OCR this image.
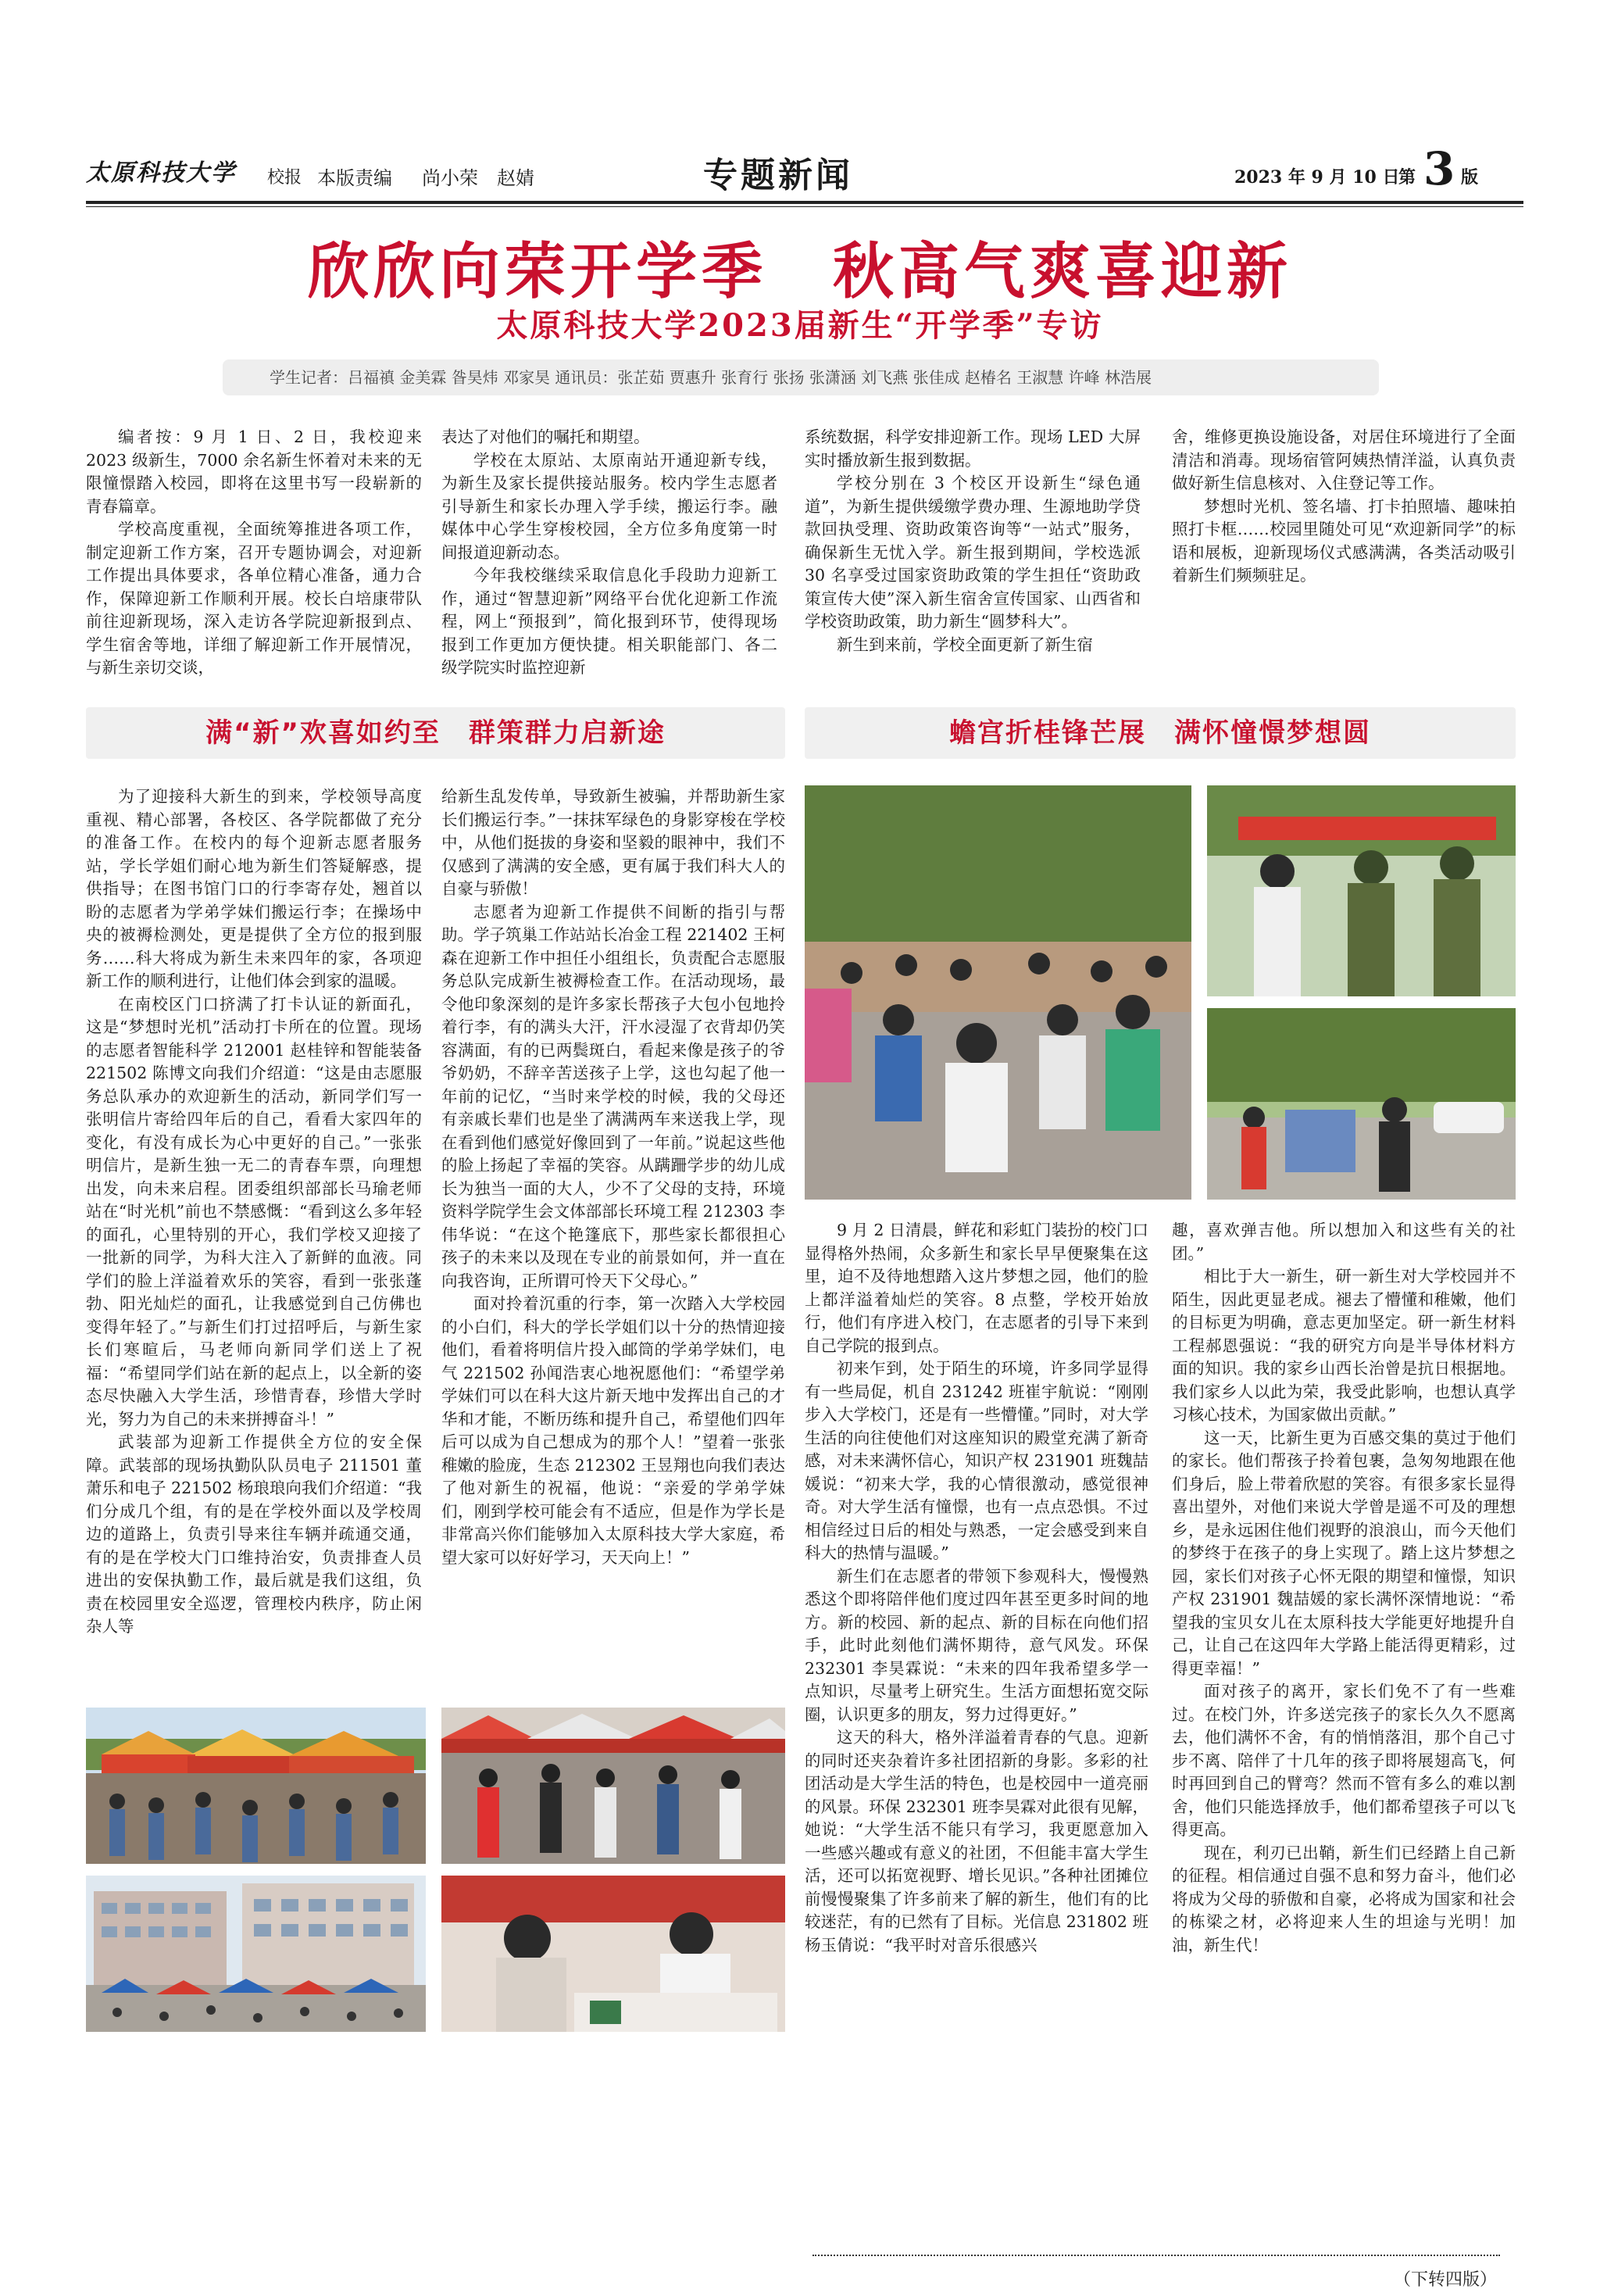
太原科技大学 校报 本版责编 尚小荣　赵婧	专题新闻	2023 年 9 月 10 日
第 3 版
欣欣向荣开学季　秋高气爽喜迎新
太原科技大学2023届新生“开学季”专访
学生记者：吕福禛 金美霖 昝昊炜 邓家昊 通讯员：张芷茹 贾惠升 张育行 张扬 张潇涵 刘飞燕 张佳成 赵椿名 王淑慧 许峰 林浩展

编者按：9 月 1 日、2 日，我校迎来 2023 级新生，7000 余名新生怀着对未来的无限憧憬踏入校园，即将在这里书写一段崭新的青春篇章。

学校高度重视，全面统筹推进各项工作，制定迎新工作方案，召开专题协调会，对迎新工作提出具体要求，各单位精心准备，通力合作，保障迎新工作顺利开展。校长白培康带队前往迎新现场，深入走访各学院迎新报到点、学生宿舍等地，详细了解迎新工作开展情况，与新生亲切交谈，

表达了对他们的嘱托和期望。

学校在太原站、太原南站开通迎新专线，为新生及家长提供接站服务。校内学生志愿者引导新生和家长办理入学手续，搬运行李。融媒体中心学生穿梭校园，全方位多角度第一时间报道迎新动态。

今年我校继续采取信息化手段助力迎新工作，通过“智慧迎新”网络平台优化迎新工作流程，网上“预报到”，简化报到环节，使得现场报到工作更加方便快捷。相关职能部门、各二级学院实时监控迎新

系统数据，科学安排迎新工作。现场 LED 大屏实时播放新生报到数据。

学校分别在 3 个校区开设新生“绿色通道”，为新生提供缓缴学费办理、生源地助学贷款回执受理、资助政策咨询等“一站式”服务，确保新生无忧入学。新生报到期间，学校选派 30 名享受过国家资助政策的学生担任“资助政策宣传大使”深入新生宿舍宣传国家、山西省和学校资助政策，助力新生“圆梦科大”。

新生到来前，学校全面更新了新生宿

舍，维修更换设施设备，对居住环境进行了全面清洁和消毒。现场宿管阿姨热情洋溢，认真负责做好新生信息核对、入住登记等工作。

梦想时光机、签名墙、打卡拍照墙、趣味拍照打卡框……校园里随处可见“欢迎新同学”的标语和展板，迎新现场仪式感满满，各类活动吸引着新生们频频驻足。

满“新”欢喜如约至　群策群力启新途	蟾宫折桂锋芒展　满怀憧憬梦想圆

为了迎接科大新生的到来，学校领导高度重视、精心部署，各校区、各学院都做了充分的准备工作。在校内的每个迎新志愿者服务站，学长学姐们耐心地为新生们答疑解惑，提供指导；在图书馆门口的行李寄存处，翘首以盼的志愿者为学弟学妹们搬运行李；在操场中央的被褥检测处，更是提供了全方位的报到服务……科大将成为新生未来四年的家，各项迎新工作的顺利进行，让他们体会到家的温暖。

在南校区门口挤满了打卡认证的新面孔，这是“梦想时光机”活动打卡所在的位置。现场的志愿者智能科学 212001 赵桂锌和智能装备 221502 陈博文向我们介绍道：“这是由志愿服务总队承办的欢迎新生的活动，新同学们写一张明信片寄给四年后的自己，看看大家四年的变化，有没有成长为心中更好的自己。”一张张明信片，是新生独一无二的青春车票，向理想出发，向未来启程。团委组织部部长马瑜老师站在“时光机”前也不禁感慨：“看到这么多年轻的面孔，心里特别的开心，我们学校又迎接了一批新的同学，为科大注入了新鲜的血液。同学们的脸上洋溢着欢乐的笑容，看到一张张蓬勃、阳光灿烂的面孔，让我感觉到自己仿佛也变得年轻了。”与新生们打过招呼后，与新生家长们寒暄后，马老师向新同学们送上了祝福：“希望同学们站在新的起点上，以全新的姿态尽快融入大学生活，珍惜青春，珍惜大学时光，努力为自己的未来拼搏奋斗！”

武装部为迎新工作提供全方位的安全保障。武装部的现场执勤队队员电子 211501 董萧乐和电子 221502 杨琅琅向我们介绍道：“我们分成几个组，有的是在学校外面以及学校周边的道路上，负责引导来往车辆并疏通交通，有的是在学校大门口维持治安，负责排查人员进出的安保执勤工作，最后就是我们这组，负责在校园里安全巡逻，管理校内秩序，防止闲杂人等

给新生乱发传单，导致新生被骗，并帮助新生家长们搬运行李。”一抹抹军绿色的身影穿梭在学校中，从他们挺拔的身姿和坚毅的眼神中，我们不仅感到了满满的安全感，更有属于我们科大人的自豪与骄傲！

志愿者为迎新工作提供不间断的指引与帮助。学子筑巢工作站站长冶金工程 221402 王柯森在迎新工作中担任小组组长，负责配合志愿服务总队完成新生被褥检查工作。在活动现场，最令他印象深刻的是许多家长帮孩子大包小包地拎着行李，有的满头大汗，汗水浸湿了衣背却仍笑容满面，有的已两鬓斑白，看起来像是孩子的爷爷奶奶，不辞辛苦送孩子上学，这也勾起了他一年前的记忆，“当时来学校的时候，我的父母还有亲戚长辈们也是坐了满满两车来送我上学，现在看到他们感觉好像回到了一年前。”说起这些他的脸上扬起了幸福的笑容。从蹒跚学步的幼儿成长为独当一面的大人，少不了父母的支持，环境资料学院学生会文体部部长环境工程 212303 李伟华说：“在这个艳篷底下，那些家长都很担心孩子的未来以及现在专业的前景如何，并一直在向我咨询，正所谓可怜天下父母心。”

面对拎着沉重的行李，第一次踏入大学校园的小白们，科大的学长学姐们以十分的热情迎接他们，看着将明信片投入邮筒的学弟学妹们，电气 221502 孙闻浩衷心地祝愿他们：“希望学弟学妹们可以在科大这片新天地中发挥出自己的才华和才能，不断历练和提升自己，希望他们四年后可以成为自己想成为的那个人！”望着一张张稚嫩的脸庞，生态 212302 王昱翔也向我们表达了他对新生的祝福，他说：“亲爱的学弟学妹们，刚到学校可能会有不适应，但是作为学长是非常高兴你们能够加入太原科技大学大家庭，希望大家可以好好学习，天天向上！”

9 月 2 日清晨，鲜花和彩虹门装扮的校门口显得格外热闹，众多新生和家长早早便聚集在这里，迫不及待地想踏入这片梦想之园，他们的脸上都洋溢着灿烂的笑容。8 点整，学校开始放行，他们有序进入校门，在志愿者的引导下来到自己学院的报到点。

初来乍到，处于陌生的环境，许多同学显得有一些局促，机自 231242 班崔宇航说：“刚刚步入大学校门，还是有一些懵懂。”同时，对大学生活的向往使他们对这座知识的殿堂充满了新奇感，对未来满怀信心，知识产权 231901 班魏喆媛说：“初来大学，我的心情很激动，感觉很神奇。对大学生活有憧憬，也有一点点恐惧。不过相信经过日后的相处与熟悉，一定会感受到来自科大的热情与温暖。”

新生们在志愿者的带领下参观科大，慢慢熟悉这个即将陪伴他们度过四年甚至更多时间的地方。新的校园、新的起点、新的目标在向他们招手，此时此刻他们满怀期待，意气风发。环保 232301 李昊霖说：“未来的四年我希望多学一点知识，尽量考上研究生。生活方面想拓宽交际圈，认识更多的朋友，努力过得更好。”

这天的科大，格外洋溢着青春的气息。迎新的同时还夹杂着许多社团招新的身影。多彩的社团活动是大学生活的特色，也是校园中一道亮丽的风景。环保 232301 班李昊霖对此很有见解，她说：“大学生活不能只有学习，我更愿意加入一些感兴趣或有意义的社团，不但能丰富大学生活，还可以拓宽视野、增长见识。”各种社团摊位前慢慢聚集了许多前来了解的新生，他们有的比较迷茫，有的已然有了目标。光信息 231802 班杨玉倩说：“我平时对音乐很感兴

趣，喜欢弹吉他。所以想加入和这些有关的社团。”

相比于大一新生，研一新生对大学校园并不陌生，因此更显老成。褪去了懵懂和稚嫩，他们的目标更为明确，意志更加坚定。研一新生材料工程郝恩强说：“我的研究方向是半导体材料方面的知识。我的家乡山西长治曾是抗日根据地。我们家乡人以此为荣，我受此影响，也想认真学习核心技术，为国家做出贡献。”

这一天，比新生更为百感交集的莫过于他们的家长。他们帮孩子拎着包裹，急匆匆地跟在他们身后，脸上带着欣慰的笑容。有很多家长显得喜出望外，对他们来说大学曾是遥不可及的理想乡，是永远困住他们视野的浪浪山，而今天他们的梦终于在孩子的身上实现了。踏上这片梦想之园，家长们对孩子心怀无限的期望和憧憬，知识产权 231901 魏喆媛的家长满怀深情地说：“希望我的宝贝女儿在太原科技大学能更好地提升自己，让自己在这四年大学路上能活得更精彩，过得更幸福！”

面对孩子的离开，家长们免不了有一些难过。在校门外，许多送完孩子的家长久久不愿离去，他们满怀不舍，有的悄悄落泪，那个自己寸步不离、陪伴了十几年的孩子即将展翅高飞，何时再回到自己的臂弯？然而不管有多么的难以割舍，他们只能选择放手，他们都希望孩子可以飞得更高。

现在，利刃已出鞘，新生们已经踏上自己新的征程。相信通过自强不息和努力奋斗，他们必将成为父母的骄傲和自豪，必将成为国家和社会的栋梁之材，必将迎来人生的坦途与光明！加油，新生代！

（下转四版）
